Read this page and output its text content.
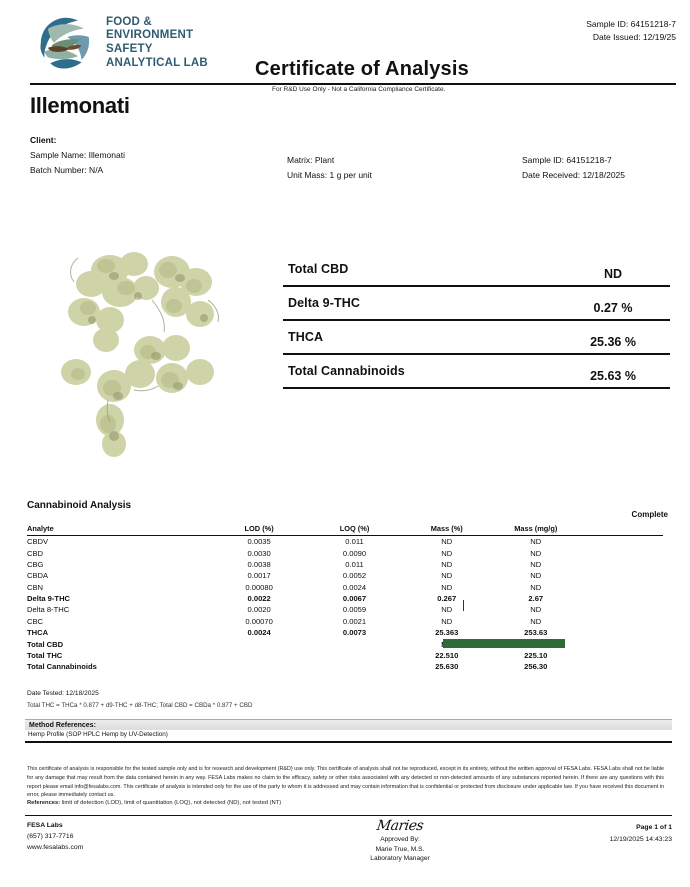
FOOD &
ENVIRONMENT
SAFETY
ANALYTICAL LAB
Sample ID: 64151218-7
Date Issued: 12/19/25
Certificate of Analysis
For R&D Use Only - Not a California Compliance Certificate.
Illemonati
Client:
Sample Name: Illemonati
Batch Number: N/A
Matrix: Plant
Unit Mass: 1 g per unit
Sample ID: 64151218-7
Date Received: 12/18/2025
Total CBD	ND
Delta 9-THC	0.27 %
THCA	25.36 %
Total Cannabinoids	25.63 %
Cannabinoid Analysis
Complete
Analyte	LOD (%)	LOQ (%)	Mass (%)	Mass (mg/g)	
CBDV	0.0035	0.011	ND	ND	
CBD	0.0030	0.0090	ND	ND	
CBG	0.0038	0.011	ND	ND	
CBDA	0.0017	0.0052	ND	ND	
CBN	0.00080	0.0024	ND	ND	
Delta 9-THC	0.0022	0.0067	0.267	2.67	
Delta 8-THC	0.0020	0.0059	ND	ND	
CBC	0.00070	0.0021	ND	ND	
THCA	0.0024	0.0073	25.363	253.63	
Total CBD					
Total THC			22.510	225.10	
Total Cannabinoids			25.630	256.30	
Date Tested: 12/18/2025
Total THC = THCa * 0.877 + d9-THC + d8-THC; Total CBD = CBDa * 0.877 + CBD
Method References:
Hemp Profile (SOP HPLC Hemp by UV-Detection)
This certificate of analysis is responsible for the tested sample only and is for research and development (R&D) use only. This certificate of analysis shall not be reproduced, except in its entirety, without the written approval of FESA Labs. FESA Labs shall not be liable for any damage that may result from the data contained herein in any way. FESA Labs makes no claim to the efficacy, safety or other risks associated with any detected or non-detected amounts of any substances reported herein. If there are any questions with this report please email info@fesalabs.com. This certificate of analysis is intended only for the use of the party to whom it is addressed and may contain information that is confidential or protected from disclosure under applicable law. If you have received this document in error, please immediately contact us.
References: limit of detection (LOD), limit of quantitation (LOQ), not detected (ND), not tested (NT)
FESA Labs
(657) 317-7716
www.fesalabs.com
Maries
Approved By:
Marie True, M.S.
Laboratory Manager
Page 1 of 1
12/19/2025 14:43:23
